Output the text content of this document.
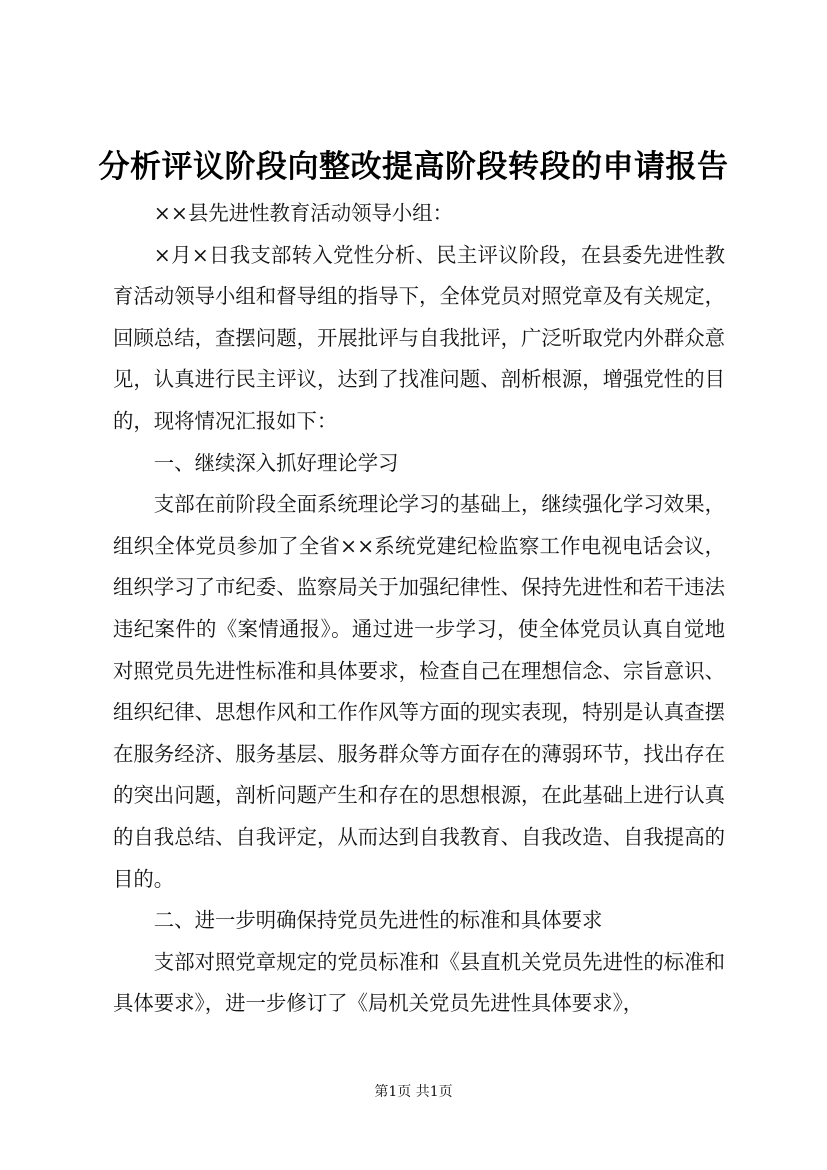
分析评议阶段向整改提高阶段转段的申请报告

××县先进性教育活动领导小组：

×月×日我支部转入党性分析、民主评议阶段，在县委先进性教育活动领导小组和督导组的指导下，全体党员对照党章及有关规定，回顾总结，查摆问题，开展批评与自我批评，广泛听取党内外群众意见，认真进行民主评议，达到了找准问题、剖析根源，增强党性的目的，现将情况汇报如下：

一、继续深入抓好理论学习

支部在前阶段全面系统理论学习的基础上，继续强化学习效果，组织全体党员参加了全省××系统党建纪检监察工作电视电话会议，组织学习了市纪委、监察局关于加强纪律性、保持先进性和若干违法违纪案件的《案情通报》。通过进一步学习，使全体党员认真自觉地对照党员先进性标准和具体要求，检查自己在理想信念、宗旨意识、组织纪律、思想作风和工作作风等方面的现实表现，特别是认真查摆在服务经济、服务基层、服务群众等方面存在的薄弱环节，找出存在的突出问题，剖析问题产生和存在的思想根源，在此基础上进行认真的自我总结、自我评定，从而达到自我教育、自我改造、自我提高的目的。

二、进一步明确保持党员先进性的标准和具体要求

支部对照党章规定的党员标准和《县直机关党员先进性的标准和具体要求》，进一步修订了《局机关党员先进性具体要求》，

第1页 共1页
